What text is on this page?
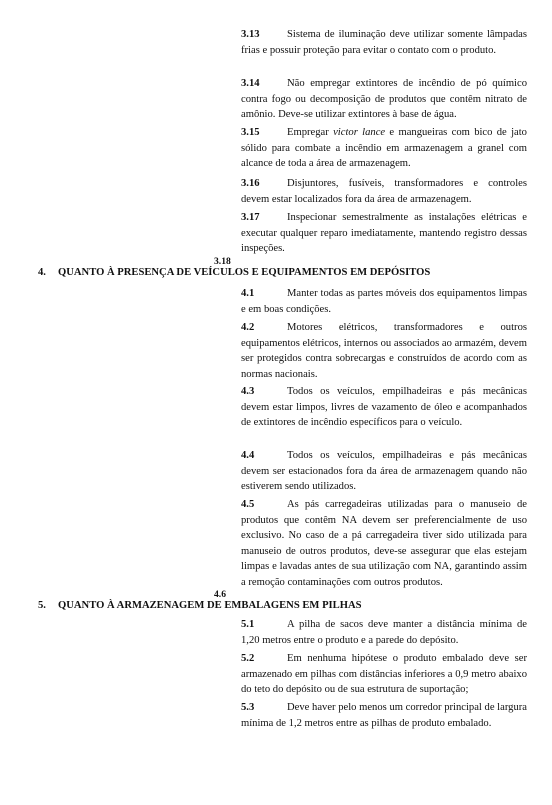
3.13	Sistema de iluminação deve utilizar somente lâmpadas frias e possuir proteção para evitar o contato com o produto.
3.14	Não empregar extintores de incêndio de pó químico contra fogo ou decomposição de produtos que contêm nitrato de amônio. Deve-se utilizar extintores à base de água.
3.15	Empregar victor lance e mangueiras com bico de jato sólido para combate a incêndio em armazenagem a granel com alcance de toda a área de armazenagem.
3.16	Disjuntores, fusíveis, transformadores e controles devem estar localizados fora da área de armazenagem.
3.17	Inspecionar semestralmente as instalações elétricas e executar qualquer reparo imediatamente, mantendo registro dessas inspeções.
3.18
4. QUANTO À PRESENÇA DE VEÍCULOS E EQUIPAMENTOS EM DEPÓSITOS
4.1	Manter todas as partes móveis dos equipamentos limpas e em boas condições.
4.2	Motores elétricos, transformadores e outros equipamentos elétricos, internos ou associados ao armazém, devem ser protegidos contra sobrecargas e construídos de acordo com as normas nacionais.
4.3	Todos os veículos, empilhadeiras e pás mecânicas devem estar limpos, livres de vazamento de óleo e acompanhados de extintores de incêndio específicos para o veículo.
4.4	Todos os veículos, empilhadeiras e pás mecânicas devem ser estacionados fora da área de armazenagem quando não estiverem sendo utilizados.
4.5	As pás carregadeiras utilizadas para o manuseio de produtos que contêm NA devem ser preferencialmente de uso exclusivo. No caso de a pá carregadeira tiver sido utilizada para manuseio de outros produtos, deve-se assegurar que elas estejam limpas e lavadas antes de sua utilização com NA, garantindo assim a remoção contaminações com outros produtos.
4.6
5. QUANTO À ARMAZENAGEM DE EMBALAGENS EM PILHAS
5.1	A pilha de sacos deve manter a distância mínima de 1,20 metros entre o produto e a parede do depósito.
5.2	Em nenhuma hipótese o produto embalado deve ser armazenado em pilhas com distâncias inferiores a 0,9 metro abaixo do teto do depósito ou de sua estrutura de suportação;
5.3	Deve haver pelo menos um corredor principal de largura mínima de 1,2 metros entre as pilhas de produto embalado.
